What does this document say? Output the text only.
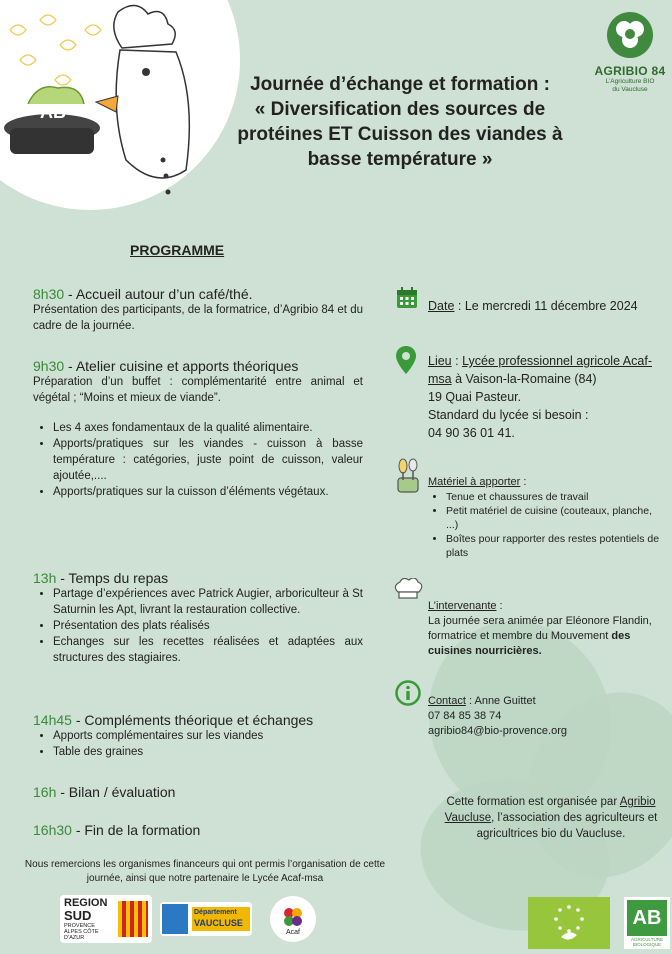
AB
Journée d’échange et formation :
« Diversification des sources de
protéines ET Cuisson des viandes à
basse température »
AGRIBIO 84
L’Agriculture BIO
du Vaucluse
PROGRAMME
8h30 - Accueil autour d’un café/thé.
Présentation des participants, de la formatrice, d’Agribio 84 et du cadre de la journée.
9h30 - Atelier cuisine et apports théoriques
Préparation d’un buffet : complémentarité entre animal et végétal ; “Moins et mieux de viande”.
• Les 4 axes fondamentaux de la qualité alimentaire.
• Apports/pratiques sur les viandes - cuisson à basse température : catégories, juste point de cuisson, valeur ajoutée,....
• Apports/pratiques sur la cuisson d’éléments végétaux.
13h - Temps du repas
• Partage d’expériences avec Patrick Augier, arboriculteur à St Saturnin les Apt, livrant la restauration collective.
• Présentation des plats réalisés
• Echanges sur les recettes réalisées et adaptées aux structures des stagiaires.
14h45 - Compléments théorique et échanges
• Apports complémentaires sur les viandes
• Table des graines
16h - Bilan / évaluation
16h30 - Fin de la formation
Date : Le mercredi 11 décembre 2024
Lieu : Lycée professionnel agricole Acaf-msa à Vaison-la-Romaine (84)
19 Quai Pasteur.
Standard du lycée si besoin :
04 90 36 01 41.
Matériel à apporter :
• Tenue et chaussures de travail
• Petit matériel de cuisine (couteaux, planche, ...)
• Boîtes pour rapporter des restes potentiels de plats
L’intervenante :
La journée sera animée par Eléonore Flandin, formatrice et membre du Mouvement des cuisines nourricières.
Contact : Anne Guittet
07 84 85 38 74
agribio84@bio-provence.org
Cette formation est organisée par Agribio Vaucluse, l’association des agriculteurs et agricultrices bio du Vaucluse.
Nous remercions les organismes financeurs qui ont permis l’organisation de cette journée, ainsi que notre partenaire le Lycée Acaf-msa
REGION
SUD
PROVENCE ALPES CÔTE D’AZUR
Département
VAUCLUSE
Acaf
AB
AGRICULTURE BIOLOGIQUE
